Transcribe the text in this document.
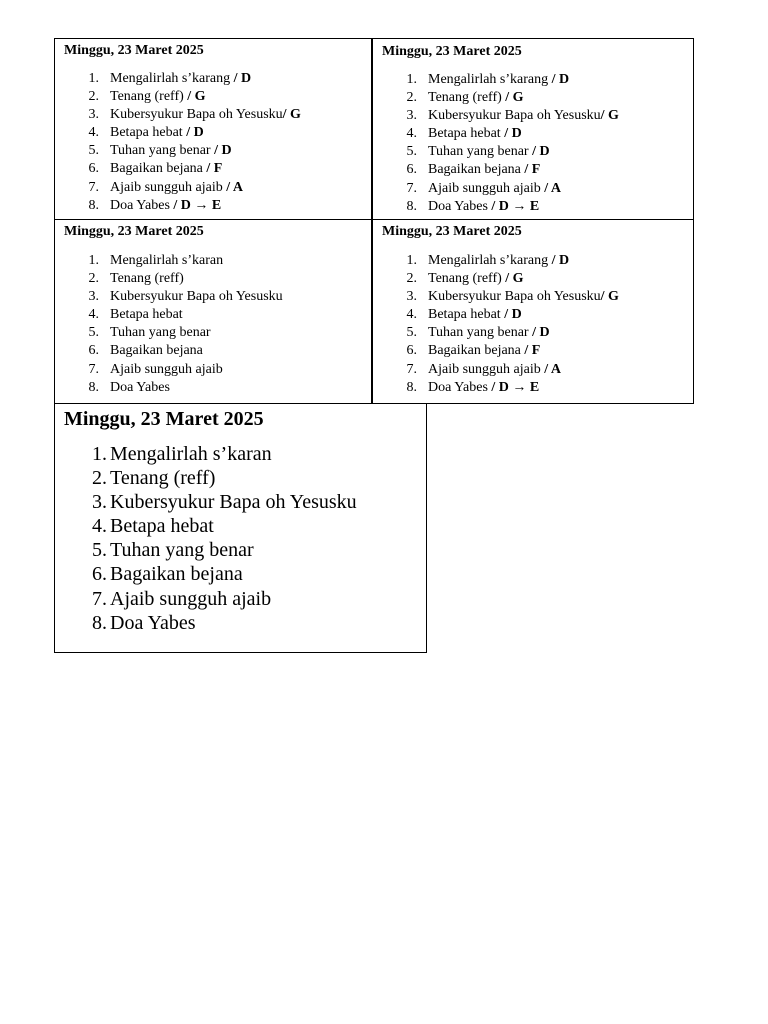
Minggu, 23 Maret 2025
1. Mengalirlah s’karang / D
2. Tenang (reff) / G
3. Kubersyukur Bapa oh Yesusku/ G
4. Betapa hebat / D
5. Tuhan yang benar / D
6. Bagaikan bejana / F
7. Ajaib sungguh ajaib / A
8. Doa Yabes / D → E
Minggu, 23 Maret 2025
1. Mengalirlah s’karang / D
2. Tenang (reff) / G
3. Kubersyukur Bapa oh Yesusku/ G
4. Betapa hebat / D
5. Tuhan yang benar / D
6. Bagaikan bejana / F
7. Ajaib sungguh ajaib / A
8. Doa Yabes / D → E
Minggu, 23 Maret 2025
1. Mengalirlah s’karan
2. Tenang (reff)
3. Kubersyukur Bapa oh Yesusku
4. Betapa hebat
5. Tuhan yang benar
6. Bagaikan bejana
7. Ajaib sungguh ajaib
8. Doa Yabes
Minggu, 23 Maret 2025
1. Mengalirlah s’karang / D
2. Tenang (reff) / G
3. Kubersyukur Bapa oh Yesusku/ G
4. Betapa hebat / D
5. Tuhan yang benar / D
6. Bagaikan bejana / F
7. Ajaib sungguh ajaib / A
8. Doa Yabes / D → E
Minggu, 23 Maret 2025
1. Mengalirlah s’karan
2. Tenang (reff)
3. Kubersyukur Bapa oh Yesusku
4. Betapa hebat
5. Tuhan yang benar
6. Bagaikan bejana
7. Ajaib sungguh ajaib
8. Doa Yabes
